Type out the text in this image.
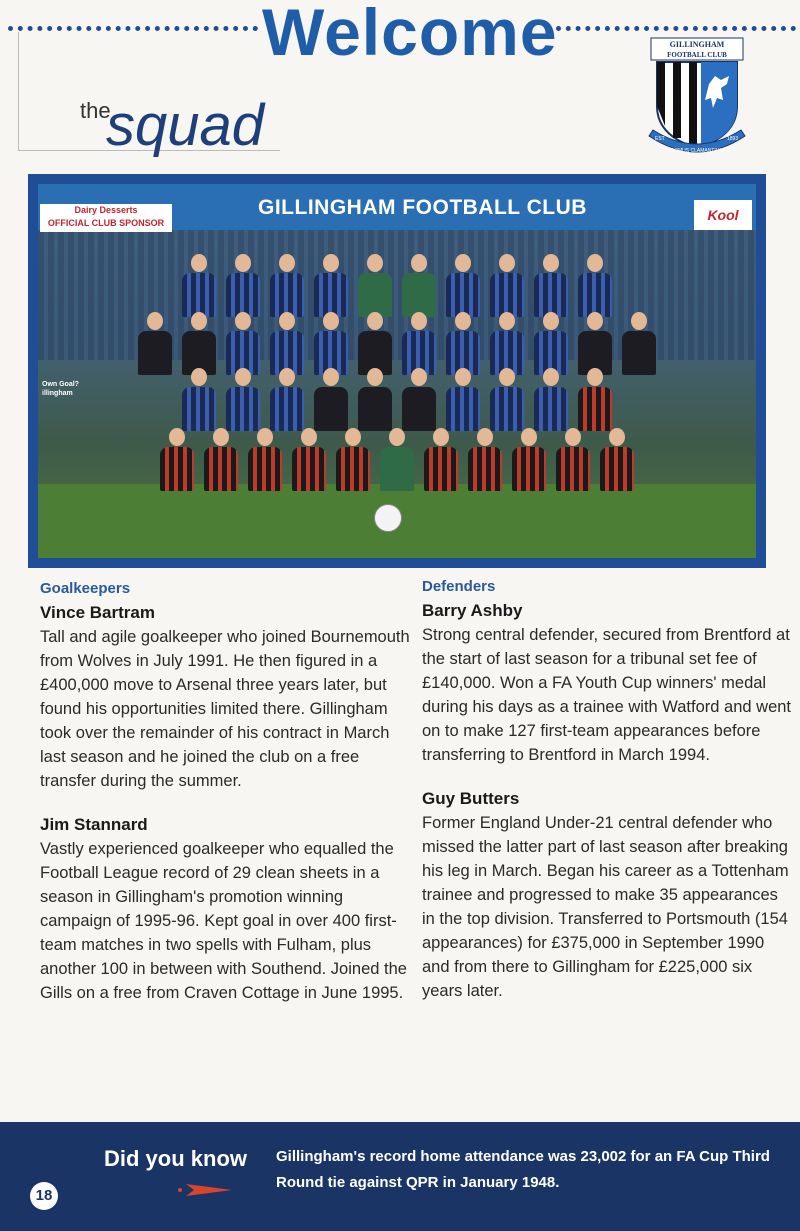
Welcome
the
squad
GILLINGHAM
FOOTBALL CLUB
EST
DOMUS CLAMANTIUM
1893
GILLINGHAM FOOTBALL CLUB
Dairy Desserts
OFFICIAL CLUB SPONSOR	Kool
Own Goal?
illingham
Goalkeepers
Vince Bartram
Tall and agile goalkeeper who joined Bournemouth from Wolves in July 1991. He then figured in a £400,000 move to Arsenal three years later, but found his opportunities limited there. Gillingham took over the remainder of his contract in March last season and he joined the club on a free transfer during the summer.
Jim Stannard
Vastly experienced goalkeeper who equalled the Football League record of 29 clean sheets in a season in Gillingham's promotion winning campaign of 1995-96. Kept goal in over 400 first-team matches in two spells with Fulham, plus another 100 in between with Southend. Joined the Gills on a free from Craven Cottage in June 1995.
Defenders
Barry Ashby
Strong central defender, secured from Brentford at the start of last season for a tribunal set fee of £140,000. Won a FA Youth Cup winners' medal during his days as a trainee with Watford and went on to make 127 first-team appearances before transferring to Brentford in March 1994.
Guy Butters
Former England Under-21 central defender who missed the latter part of last season after breaking his leg in March. Began his career as a Tottenham trainee and progressed to make 35 appearances in the top division. Transferred to Portsmouth (154 appearances) for £375,000 in September 1990 and from there to Gillingham for £225,000 six years later.
Did you know Gillingham's record home attendance was 23,002 for an FA Cup Third Round tie against QPR in January 1948.
18
